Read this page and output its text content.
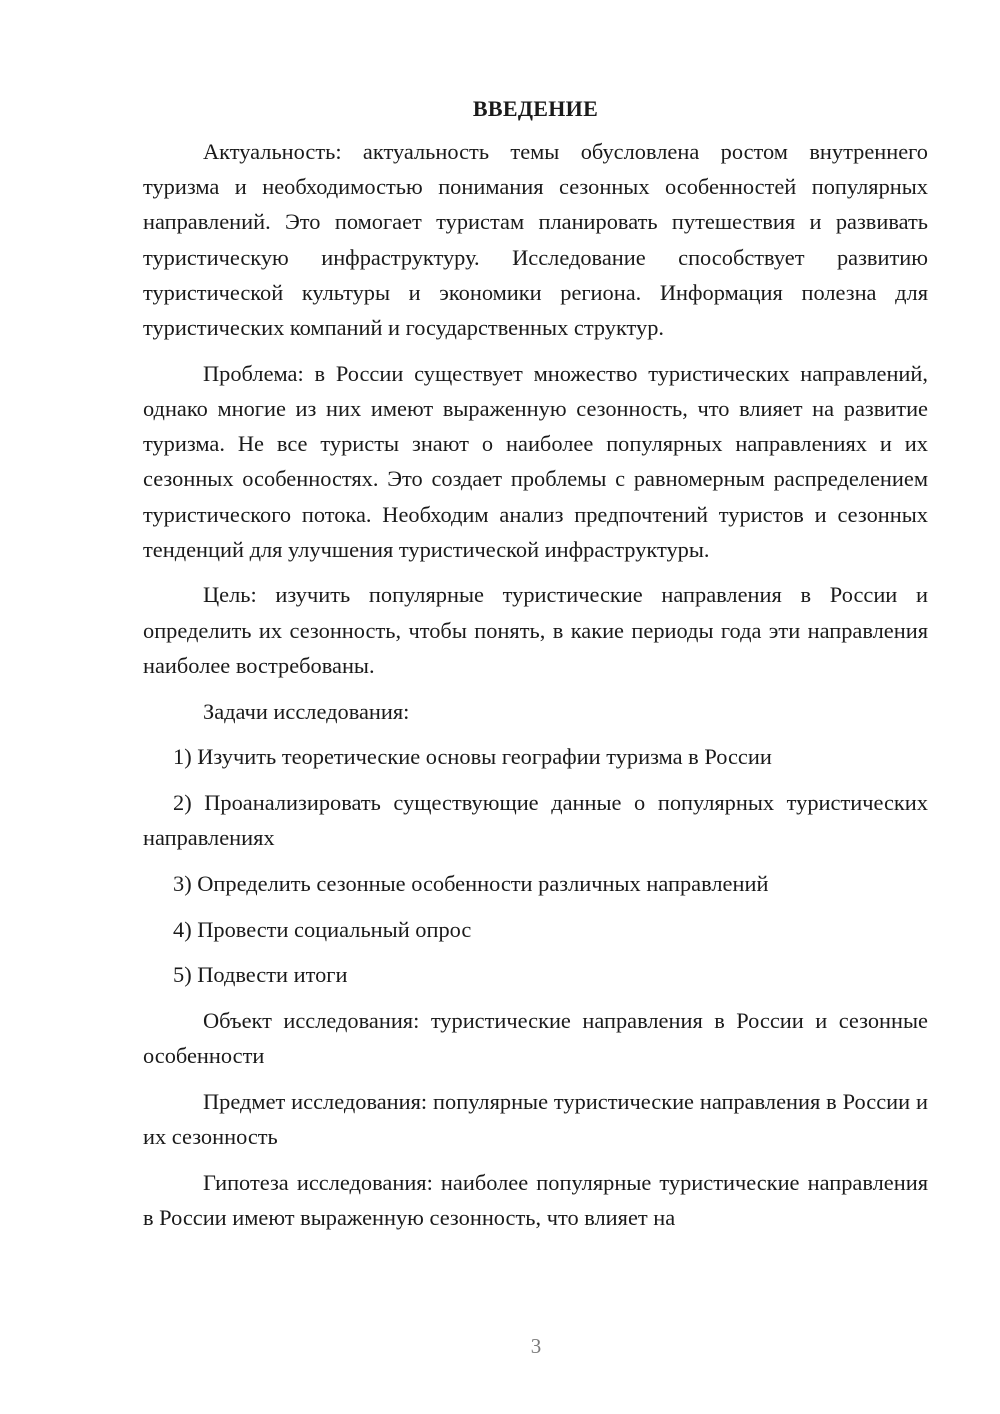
ВВЕДЕНИЕ

Актуальность: актуальность темы обусловлена ростом внутреннего туризма и необходимостью понимания сезонных особенностей популярных направлений. Это помогает туристам планировать путешествия и развивать туристическую инфраструктуру. Исследование способствует развитию туристической культуры и экономики региона. Информация полезна для туристических компаний и государственных структур.

Проблема: в России существует множество туристических направлений, однако многие из них имеют выраженную сезонность, что влияет на развитие туризма. Не все туристы знают о наиболее популярных направлениях и их сезонных особенностях. Это создает проблемы с равномерным распределением туристического потока. Необходим анализ предпочтений туристов и сезонных тенденций для улучшения туристической инфраструктуры.

Цель: изучить популярные туристические направления в России и определить их сезонность, чтобы понять, в какие периоды года эти направления наиболее востребованы.

Задачи исследования:

1) Изучить теоретические основы географии туризма в России

2) Проанализировать существующие данные о популярных туристических направлениях

3) Определить сезонные особенности различных направлений

4) Провести социальный опрос

5) Подвести итоги

Объект исследования: туристические направления в России и сезонные особенности

Предмет исследования: популярные туристические направления в России и их сезонность

Гипотеза исследования: наиболее популярные туристические направления в России имеют выраженную сезонность, что влияет на

3
